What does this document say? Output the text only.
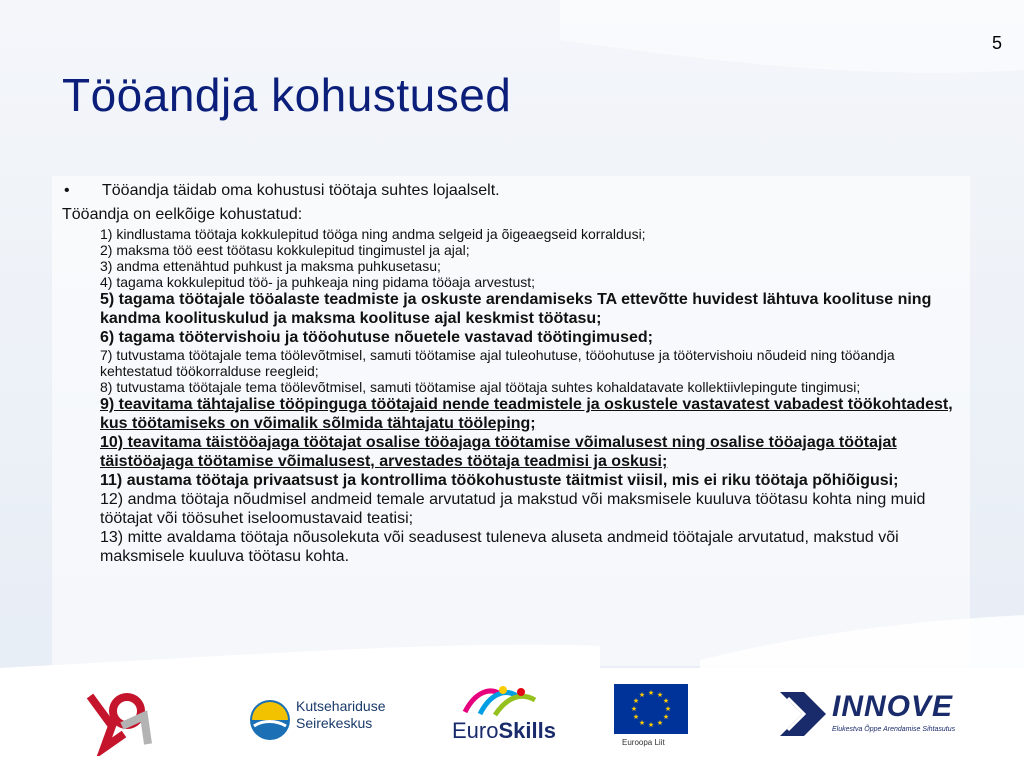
5
Tööandja kohustused
• Tööandja täidab oma kohustusi töötaja suhtes lojaalselt.
Tööandja on eelkõige kohustatud:
1) kindlustama töötaja kokkulepitud tööga ning andma selgeid ja õigeaegseid korraldusi;
2) maksma töö eest töötasu kokkulepitud tingimustel ja ajal;
3) andma ettenähtud puhkust ja maksma puhkusetasu;
4) tagama kokkulepitud töö- ja puhkeaja ning pidama tööaja arvestust;
5) tagama töötajale tööalaste teadmiste ja oskuste arendamiseks TA ettevõtte huvidest lähtuva koolituse ning kandma koolituskulud ja maksma koolituse ajal keskmist töötasu;
6) tagama töötervishoiu ja tööohutuse nõuetele vastavad töötingimused;
7) tutvustama töötajale tema töölevõtmisel, samuti töötamise ajal tuleohutuse, tööohutuse ja töötervishoiu nõudeid ning tööandja kehtestatud töökorralduse reegleid;
8) tutvustama töötajale tema töölevõtmisel, samuti töötamise ajal töötaja suhtes kohaldatavate kollektiivlepingute tingimusi;
9) teavitama tähtajalise tööpinguga töötajaid nende teadmistele ja oskustele vastavatest vabadest töökohtadest, kus töötamiseks on võimalik sõlmida tähtajatu tööleping;
10) teavitama täistööajaga töötajat osalise tööajaga töötamise võimalusest ning osalise tööajaga töötajat täistööajaga töötamise võimalusest, arvestades töötaja teadmisi ja oskusi;
11) austama töötaja privaatsust ja kontrollima töökohustuste täitmist viisil, mis ei riku töötaja põhiõigusi;
12) andma töötaja nõudmisel andmeid temale arvutatud ja makstud või maksmisele kuuluva töötasu kohta ning muid töötajat või töösuhet iseloomustavaid teatisi;
13) mitte avaldama töötaja nõusolekuta või seadusest tuleneva aluseta andmeid töötajale arvutatud, makstud või maksmisele kuuluva töötasu kohta.
Kutsehariduse
Seirekeskus	EuroSkills
★ ★
★
★
★
★
★
★
★
★
★
★
Euroopa Liit
INNOVE
Elukestva Õppe Arendamise Sihtasutus
